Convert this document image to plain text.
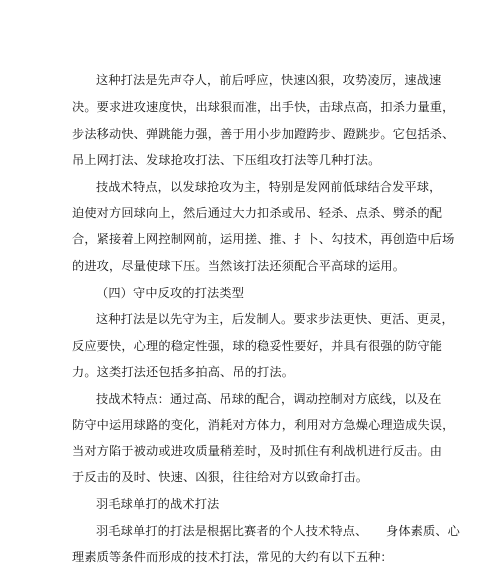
这种打法是先声夺人，前后呼应，快速凶狠，攻势凌厉，速战速
决。要求进攻速度快，出球狠而准，出手快，击球点高，扣杀力量重，
步法移动快、弹跳能力强，善于用小步加蹬跨步、蹬跳步。它包括杀、
吊上网打法、发球抢攻打法、下压组攻打法等几种打法。
技战术特点，以发球抢攻为主，特别是发网前低球结合发平球，
迫使对方回球向上，然后通过大力扣杀或吊、轻杀、点杀、劈杀的配
合，紧接着上网控制网前，运用搓、推、扌卜、勾技术，再创造中后场
的进攻，尽量使球下压。当然该打法还须配合平高球的运用。
（四）守中反攻的打法类型
这种打法是以先守为主，后发制人。要求步法更快、更活、更灵，
反应要快，心理的稳定性强，球的稳妥性要好，并具有很强的防守能
力。这类打法还包括多拍高、吊的打法。
技战术特点：通过高、吊球的配合，调动控制对方底线，以及在
防守中运用球路的变化，消耗对方体力，利用对方急燥心理造成失误，
当对方陷于被动或进攻质量稍差时，及时抓住有利战机进行反击。由
于反击的及时、快速、凶狠，往往给对方以致命打击。
羽毛球单打的战术打法
羽毛球单打的打法是根据比赛者的个人技术特点、　　身体素质、心
理素质等条件而形成的技术打法，常见的大约有以下五种：
